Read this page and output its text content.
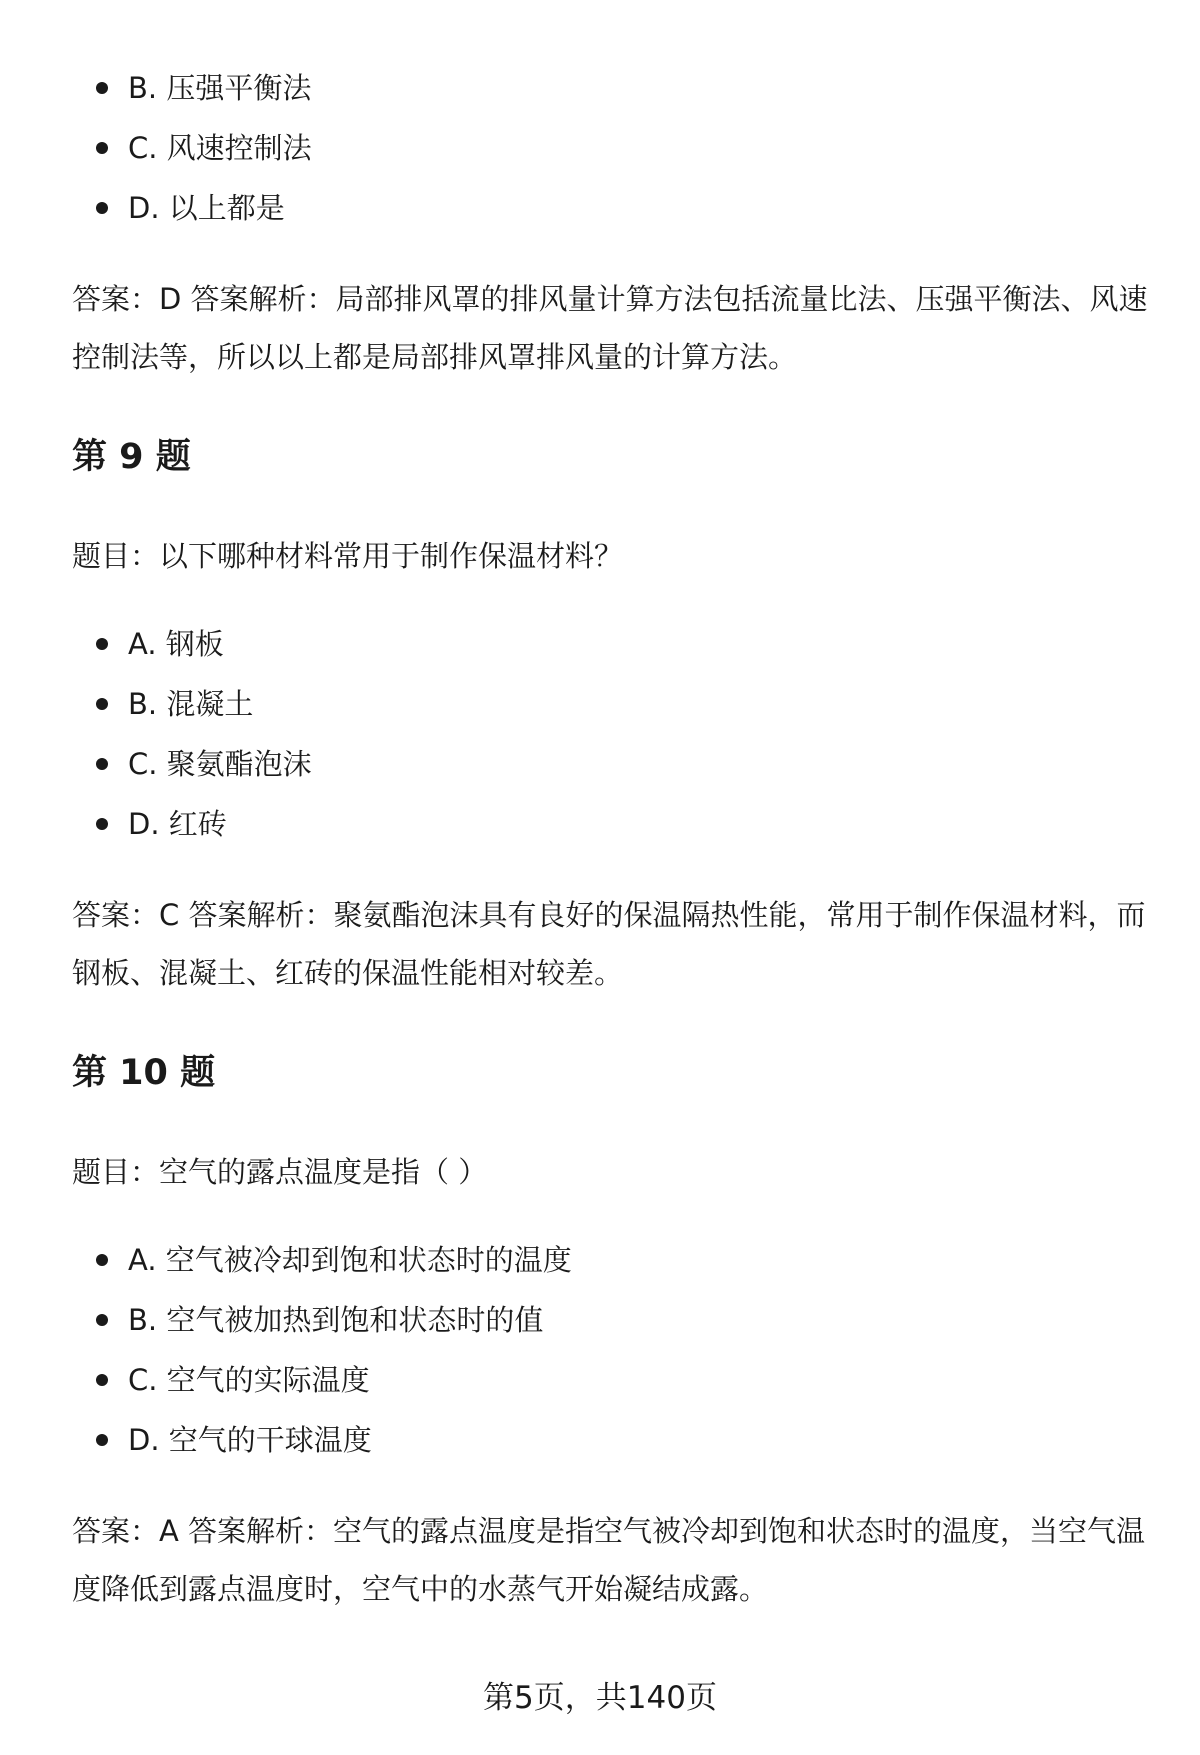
B. 压强平衡法
C. 风速控制法
D. 以上都是

答案：D 答案解析：局部排风罩的排风量计算方法包括流量比法、压强平衡法、风速控制法等，所以以上都是局部排风罩排风量的计算方法。

第 9 题

题目：以下哪种材料常用于制作保温材料？

A. 钢板
B. 混凝土
C. 聚氨酯泡沫
D. 红砖

答案：C 答案解析：聚氨酯泡沫具有良好的保温隔热性能，常用于制作保温材料，而钢板、混凝土、红砖的保温性能相对较差。

第 10 题

题目：空气的露点温度是指（ ）

A. 空气被冷却到饱和状态时的温度
B. 空气被加热到饱和状态时的值
C. 空气的实际温度
D. 空气的干球温度

答案：A 答案解析：空气的露点温度是指空气被冷却到饱和状态时的温度，当空气温度降低到露点温度时，空气中的水蒸气开始凝结成露。

第5页，共140页
